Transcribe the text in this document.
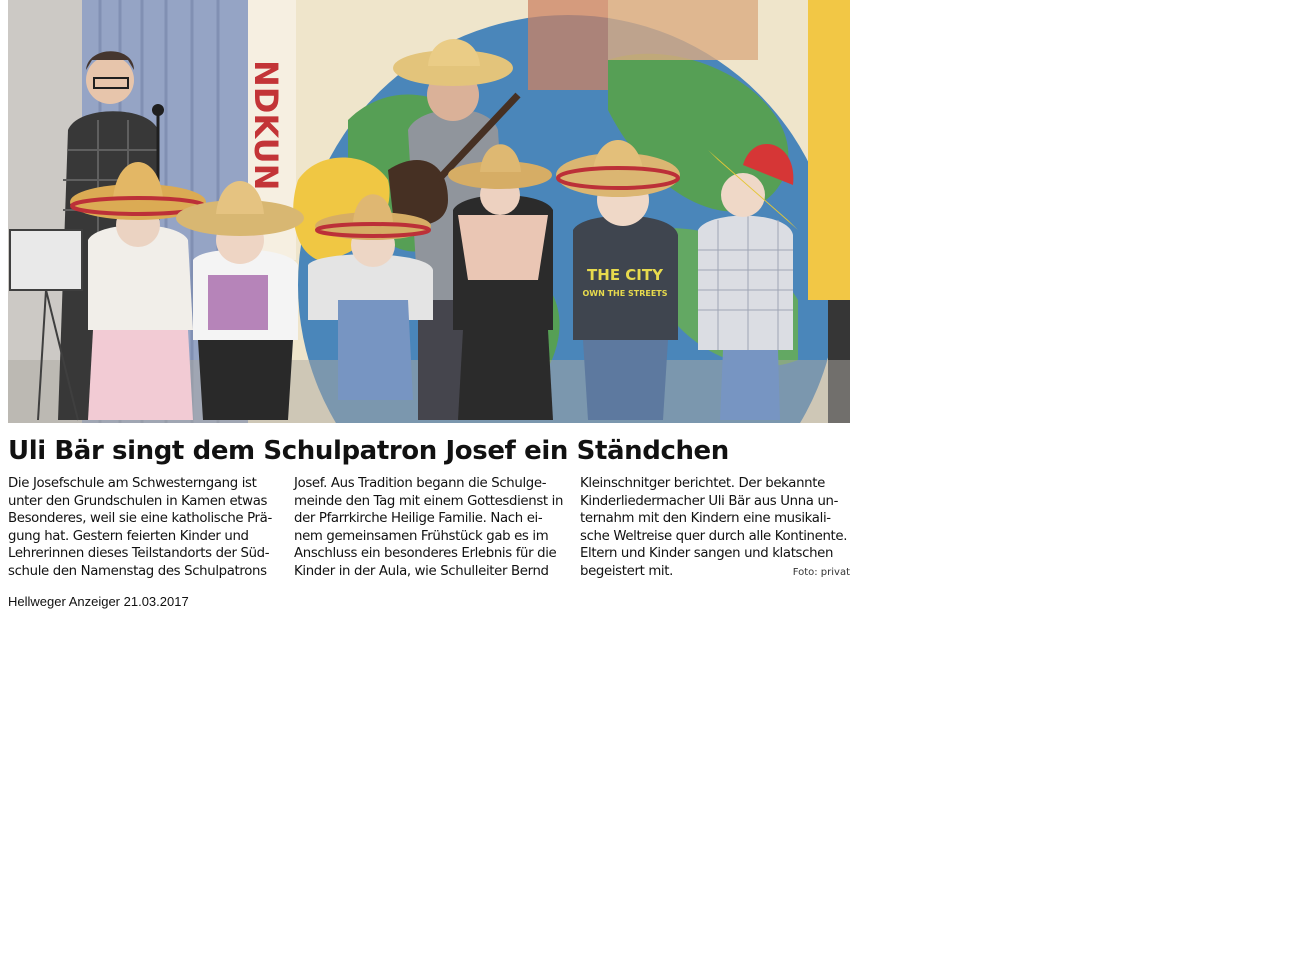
NDKUN
THE CITY
OWN THE STREETS
Uli Bär singt dem Schulpatron Josef ein Ständchen

Die Josefschule am Schwesterngang ist
unter den Grundschulen in Kamen etwas
Besonderes, weil sie eine katholische Prä-
gung hat. Gestern feierten Kinder und
Lehrerinnen dieses Teilstandorts der Süd-
schule den Namenstag des Schulpatrons

Josef. Aus Tradition begann die Schulge-
meinde den Tag mit einem Gottesdienst in
der Pfarrkirche Heilige Familie. Nach ei-
nem gemeinsamen Frühstück gab es im
Anschluss ein besonderes Erlebnis für die
Kinder in der Aula, wie Schulleiter Bernd

Kleinschnitger berichtet. Der bekannte
Kinderliedermacher Uli Bär aus Unna un-
ternahm mit den Kindern eine musikali-
sche Weltreise quer durch alle Kontinente.
Eltern und Kinder sangen und klatschen
begeistert mit.	Foto: privat
Hellweger Anzeiger 21.03.2017
